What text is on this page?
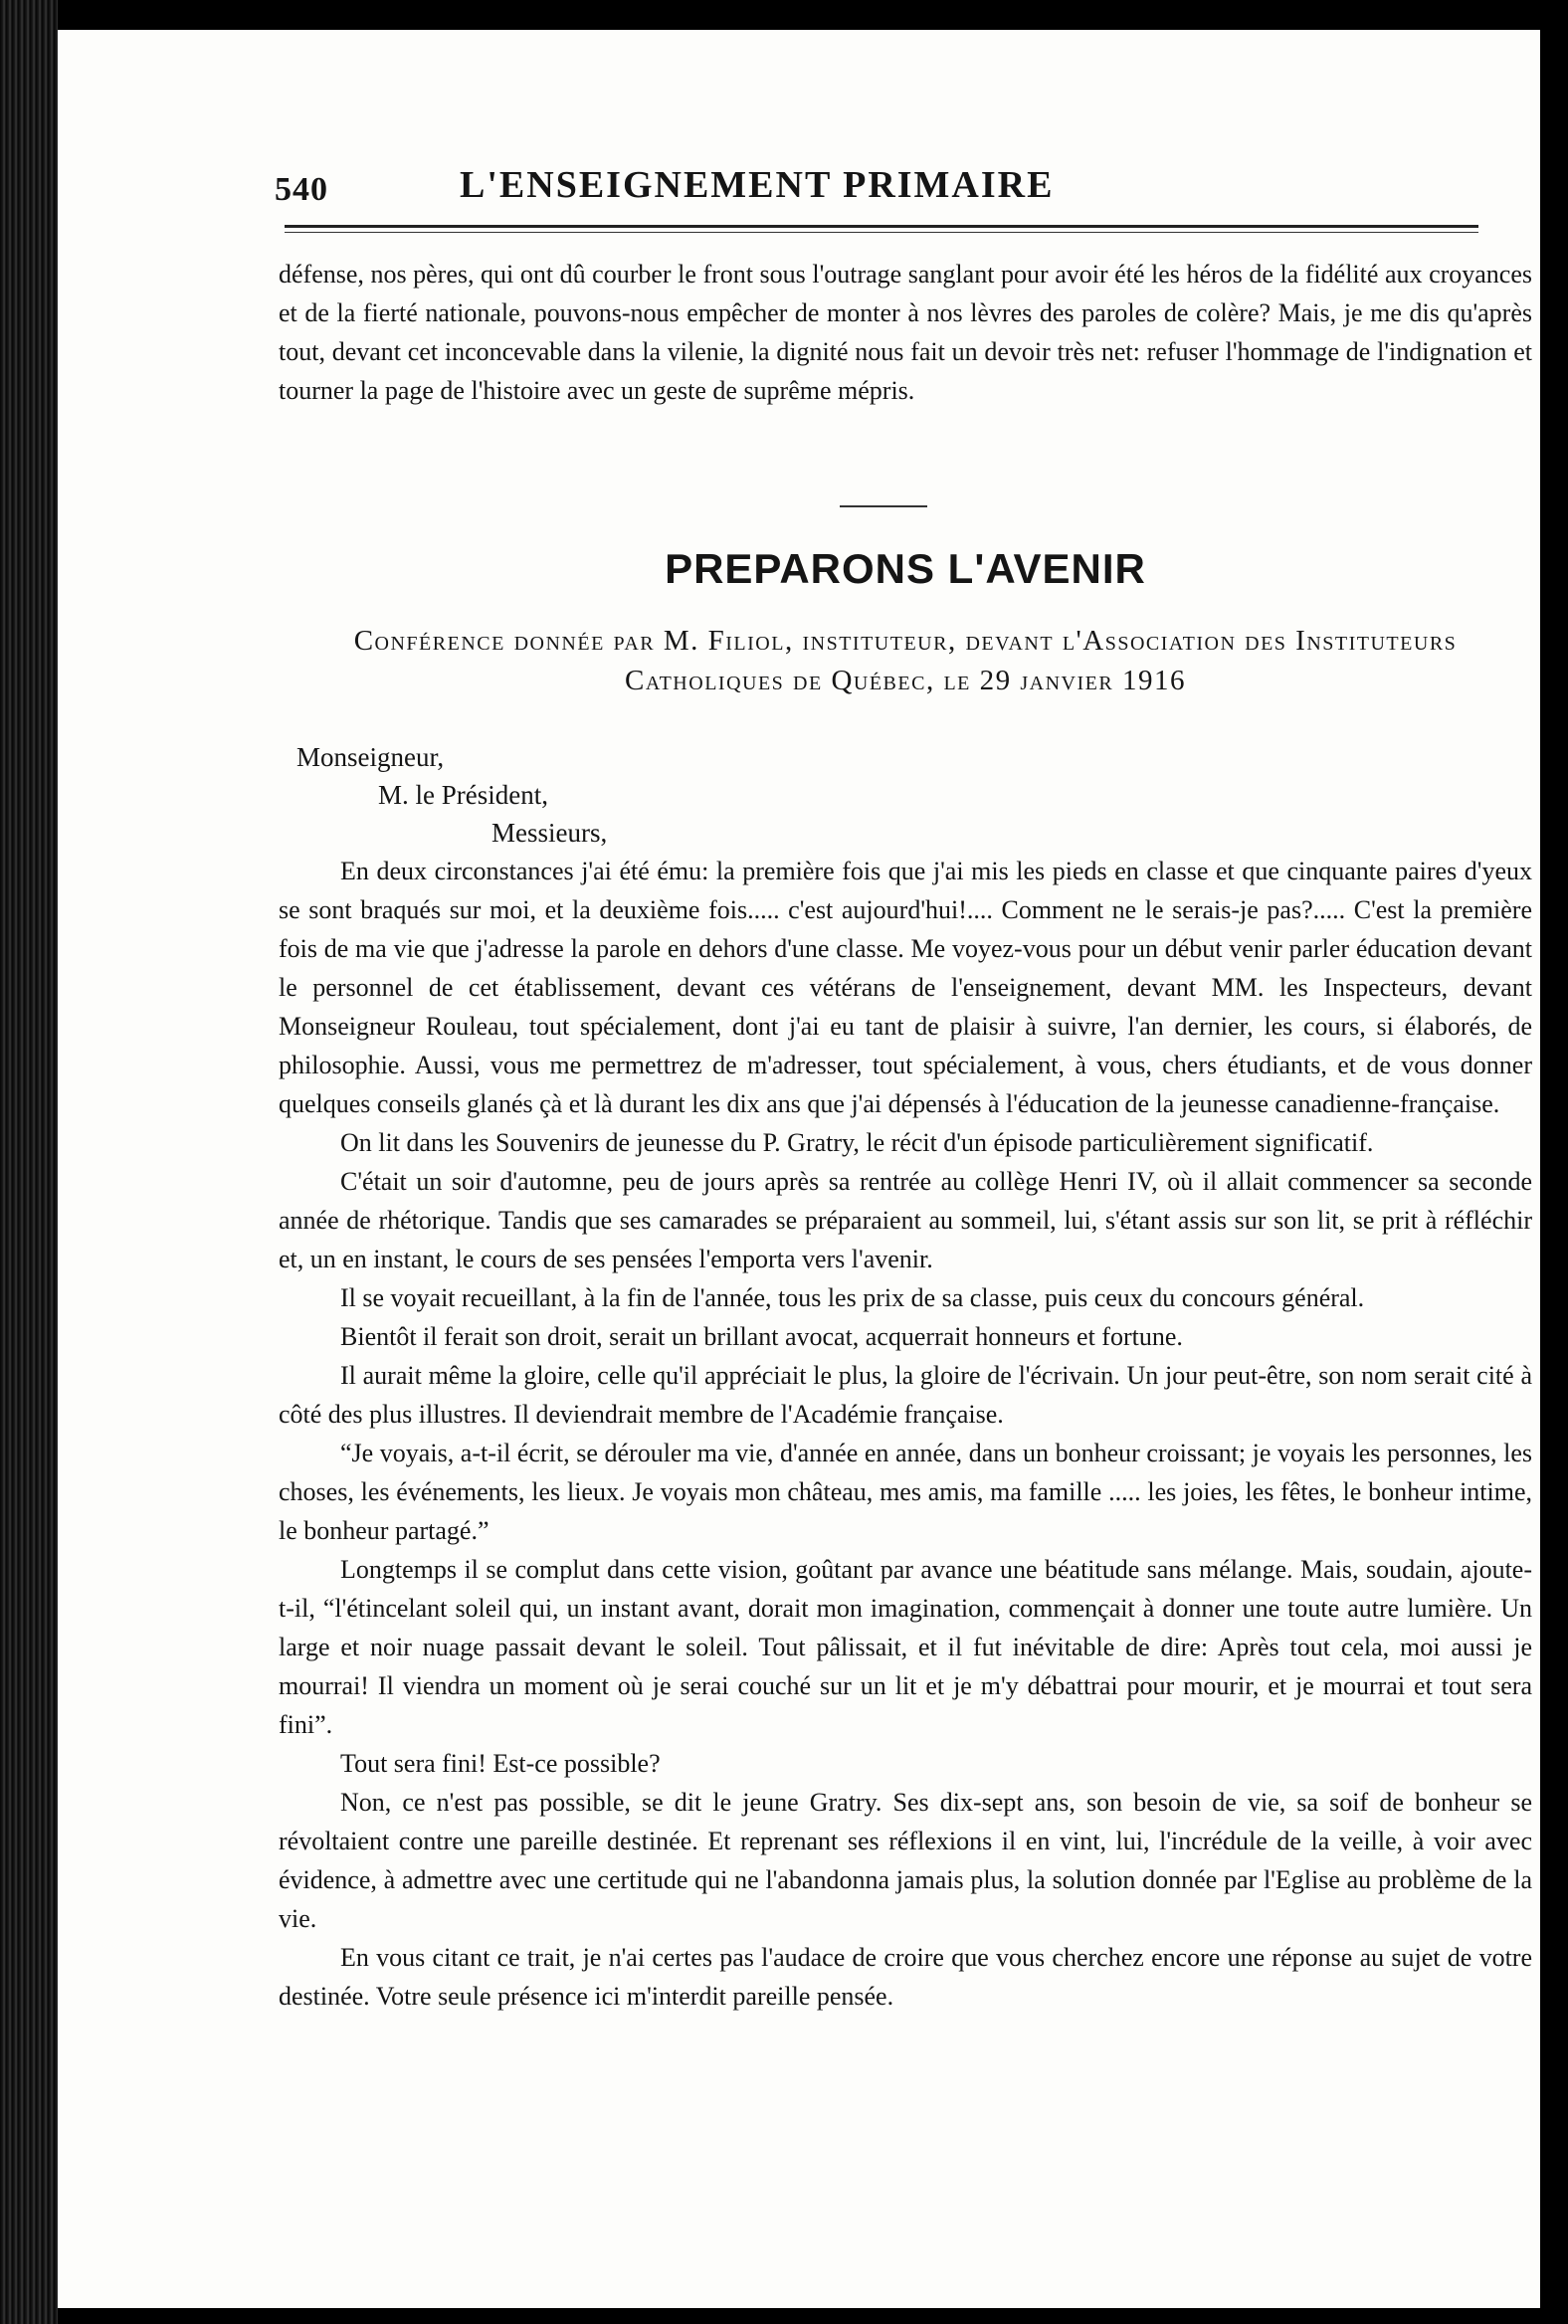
540	L'ENSEIGNEMENT PRIMAIRE

défense, nos pères, qui ont dû courber le front sous l'outrage sanglant pour avoir été les héros de la fidélité aux croyances et de la fierté nationale, pouvons-nous empêcher de monter à nos lèvres des paroles de colère? Mais, je me dis qu'après tout, devant cet inconcevable dans la vilenie, la dignité nous fait un devoir très net: refuser l'hommage de l'indignation et tourner la page de l'histoire avec un geste de suprême mépris.

PREPARONS L'AVENIR
Conférence donnée par M. Filiol, instituteur, devant l'Association des Instituteurs
Catholiques de Québec, le 29 janvier 1916
Monseigneur,
M. le Président,
Messieurs,

En deux circonstances j'ai été ému: la première fois que j'ai mis les pieds en classe et que cinquante paires d'yeux se sont braqués sur moi, et la deuxième fois..... c'est aujourd'hui!.... Comment ne le serais-je pas?..... C'est la première fois de ma vie que j'adresse la parole en dehors d'une classe. Me voyez-vous pour un début venir parler éducation devant le personnel de cet établissement, devant ces vétérans de l'enseignement, devant MM. les Inspecteurs, devant Monseigneur Rouleau, tout spécialement, dont j'ai eu tant de plaisir à suivre, l'an dernier, les cours, si élaborés, de philosophie. Aussi, vous me permettrez de m'adresser, tout spécialement, à vous, chers étudiants, et de vous donner quelques conseils glanés çà et là durant les dix ans que j'ai dépensés à l'éducation de la jeunesse canadienne-française.

On lit dans les Souvenirs de jeunesse du P. Gratry, le récit d'un épisode particulièrement significatif.

C'était un soir d'automne, peu de jours après sa rentrée au collège Henri IV, où il allait commencer sa seconde année de rhétorique. Tandis que ses camarades se préparaient au sommeil, lui, s'étant assis sur son lit, se prit à réfléchir et, un en instant, le cours de ses pensées l'emporta vers l'avenir.

Il se voyait recueillant, à la fin de l'année, tous les prix de sa classe, puis ceux du concours général.

Bientôt il ferait son droit, serait un brillant avocat, acquerrait honneurs et fortune.

Il aurait même la gloire, celle qu'il appréciait le plus, la gloire de l'écrivain. Un jour peut-être, son nom serait cité à côté des plus illustres. Il deviendrait membre de l'Académie française.

“Je voyais, a-t-il écrit, se dérouler ma vie, d'année en année, dans un bonheur croissant; je voyais les personnes, les choses, les événements, les lieux. Je voyais mon château, mes amis, ma famille ..... les joies, les fêtes, le bonheur intime, le bonheur partagé.”

Longtemps il se complut dans cette vision, goûtant par avance une béatitude sans mélange. Mais, soudain, ajoute-t-il, “l'étincelant soleil qui, un instant avant, dorait mon imagination, commençait à donner une toute autre lumière. Un large et noir nuage passait devant le soleil. Tout pâlissait, et il fut inévitable de dire: Après tout cela, moi aussi je mourrai! Il viendra un moment où je serai couché sur un lit et je m'y débattrai pour mourir, et je mourrai et tout sera fini”.

Tout sera fini! Est-ce possible?

Non, ce n'est pas possible, se dit le jeune Gratry. Ses dix-sept ans, son besoin de vie, sa soif de bonheur se révoltaient contre une pareille destinée. Et reprenant ses réflexions il en vint, lui, l'incrédule de la veille, à voir avec évidence, à admettre avec une certitude qui ne l'abandonna jamais plus, la solution donnée par l'Eglise au problème de la vie.

En vous citant ce trait, je n'ai certes pas l'audace de croire que vous cherchez encore une réponse au sujet de votre destinée. Votre seule présence ici m'interdit pareille pensée.
